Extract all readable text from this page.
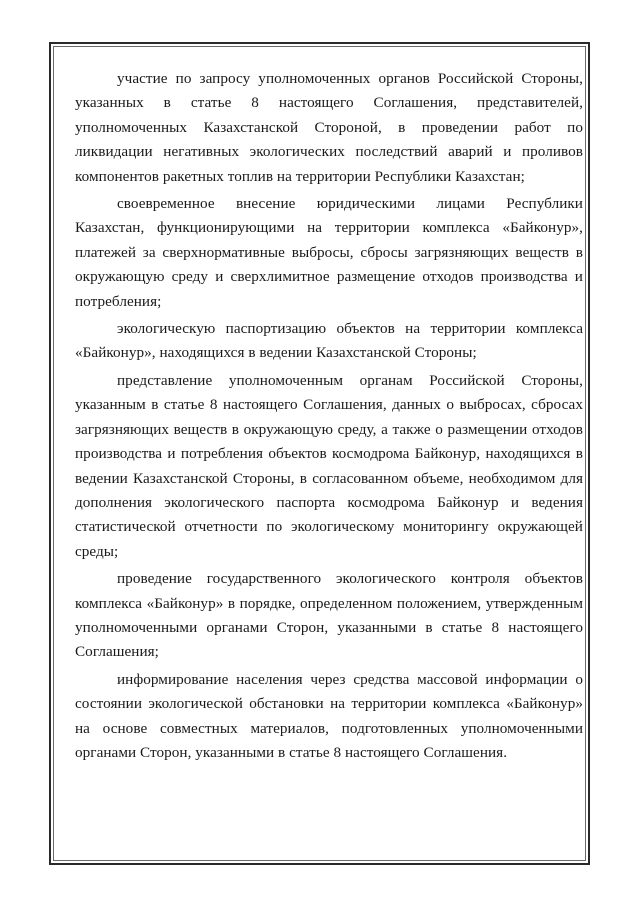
участие по запросу уполномоченных органов Российской Стороны, указанных в статье 8 настоящего Соглашения, представителей, уполномоченных Казахстанской Стороной, в проведении работ по ликвидации негативных экологических последствий аварий и проливов компонентов ракетных топлив на территории Республики Казахстан;

своевременное внесение юридическими лицами Республики Казахстан, функционирующими на территории комплекса «Байконур», платежей за сверхнормативные выбросы, сбросы загрязняющих веществ в окружающую среду и сверхлимитное размещение отходов производства и потребления;

экологическую паспортизацию объектов на территории комплекса «Байконур», находящихся в ведении Казахстанской Стороны;

представление уполномоченным органам Российской Стороны, указанным в статье 8 настоящего Соглашения, данных о выбросах, сбросах загрязняющих веществ в окружающую среду, а также о размещении отходов производства и потребления объектов космодрома Байконур, находящихся в ведении Казахстанской Стороны, в согласованном объеме, необходимом для дополнения экологического паспорта космодрома Байконур и ведения статистической отчетности по экологическому мониторингу окружающей среды;

проведение государственного экологического контроля объектов комплекса «Байконур» в порядке, определенном положением, утвержденным уполномоченными органами Сторон, указанными в статье 8 настоящего Соглашения;

информирование населения через средства массовой информации о состоянии экологической обстановки на территории комплекса «Байконур» на основе совместных материалов, подготовленных уполномоченными органами Сторон, указанными в статье 8 настоящего Соглашения.
